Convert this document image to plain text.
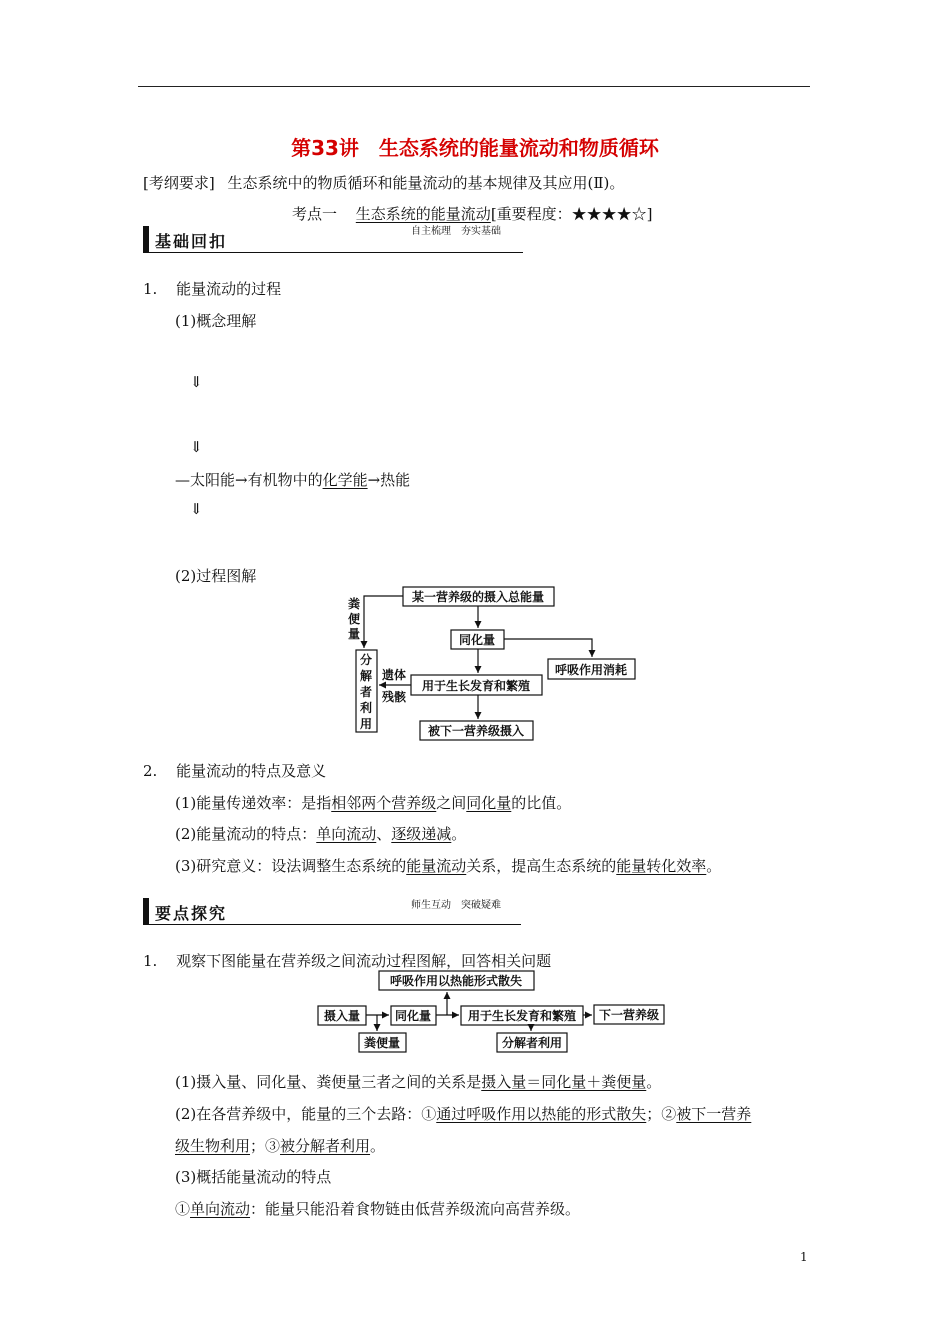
第33讲　生态系统的能量流动和物质循环
[考纲要求] 生态系统中的物质循环和能量流动的基本规律及其应用(Ⅱ)。
考点一 生态系统的能量流动[重要程度：★★★★☆]
基础回扣
自主梳理　夯实基础
1. 能量流动的过程
(1)概念理解
⇓
⇓
—太阳能→有机物中的化学能→热能
⇓
(2)过程图解
某一营养级的摄入总能量
同化量
呼吸作用消耗
用于生长发育和繁殖
被下一营养级摄入
粪
便
量
分
解
者
利
用
遗体
残骸
2. 能量流动的特点及意义
(1)能量传递效率：是指相邻两个营养级之间同化量的比值。
(2)能量流动的特点：单向流动、逐级递减。
(3)研究意义：设法调整生态系统的能量流动关系，提高生态系统的能量转化效率。
要点探究	师生互动　突破疑难
1. 观察下图能量在营养级之间流动过程图解，回答相关问题
呼吸作用以热能形式散失
摄入量	同化量	用于生长发育和繁殖 下一营养级
粪便量	分解者利用
(1)摄入量、同化量、粪便量三者之间的关系是摄入量＝同化量＋粪便量。
(2)在各营养级中，能量的三个去路：①通过呼吸作用以热能的形式散失；②被下一营养
级生物利用；③被分解者利用。
(3)概括能量流动的特点
①单向流动：能量只能沿着食物链由低营养级流向高营养级。
1
